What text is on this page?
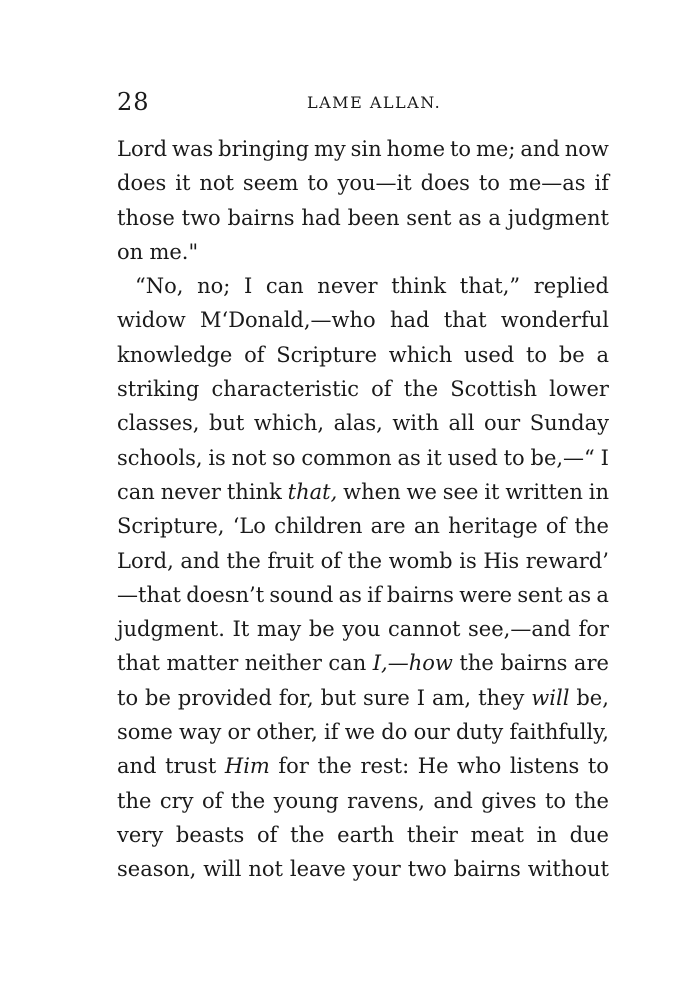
28	LAME ALLAN.
Lord was bringing my sin home to me; and now
does it not seem to you—it does to me—as if
those two bairns had been sent as a judgment
on me."
“No, no; I can never think that,” replied
widow M‘Donald,—who had that wonderful
knowledge of Scripture which used to be a
striking characteristic of the Scottish lower
classes, but which, alas, with all our Sunday
schools, is not so common as it used to be,—“ I
can never think that, when we see it written in
Scripture, ‘Lo children are an heritage of the
Lord, and the fruit of the womb is His reward’
—that doesn’t sound as if bairns were sent as a
judgment. It may be you cannot see,—and for
that matter neither can I,—how the bairns are
to be provided for, but sure I am, they will be,
some way or other, if we do our duty faithfully,
and trust Him for the rest: He who listens to
the cry of the young ravens, and gives to the
very beasts of the earth their meat in due
season, will not leave your two bairns without
